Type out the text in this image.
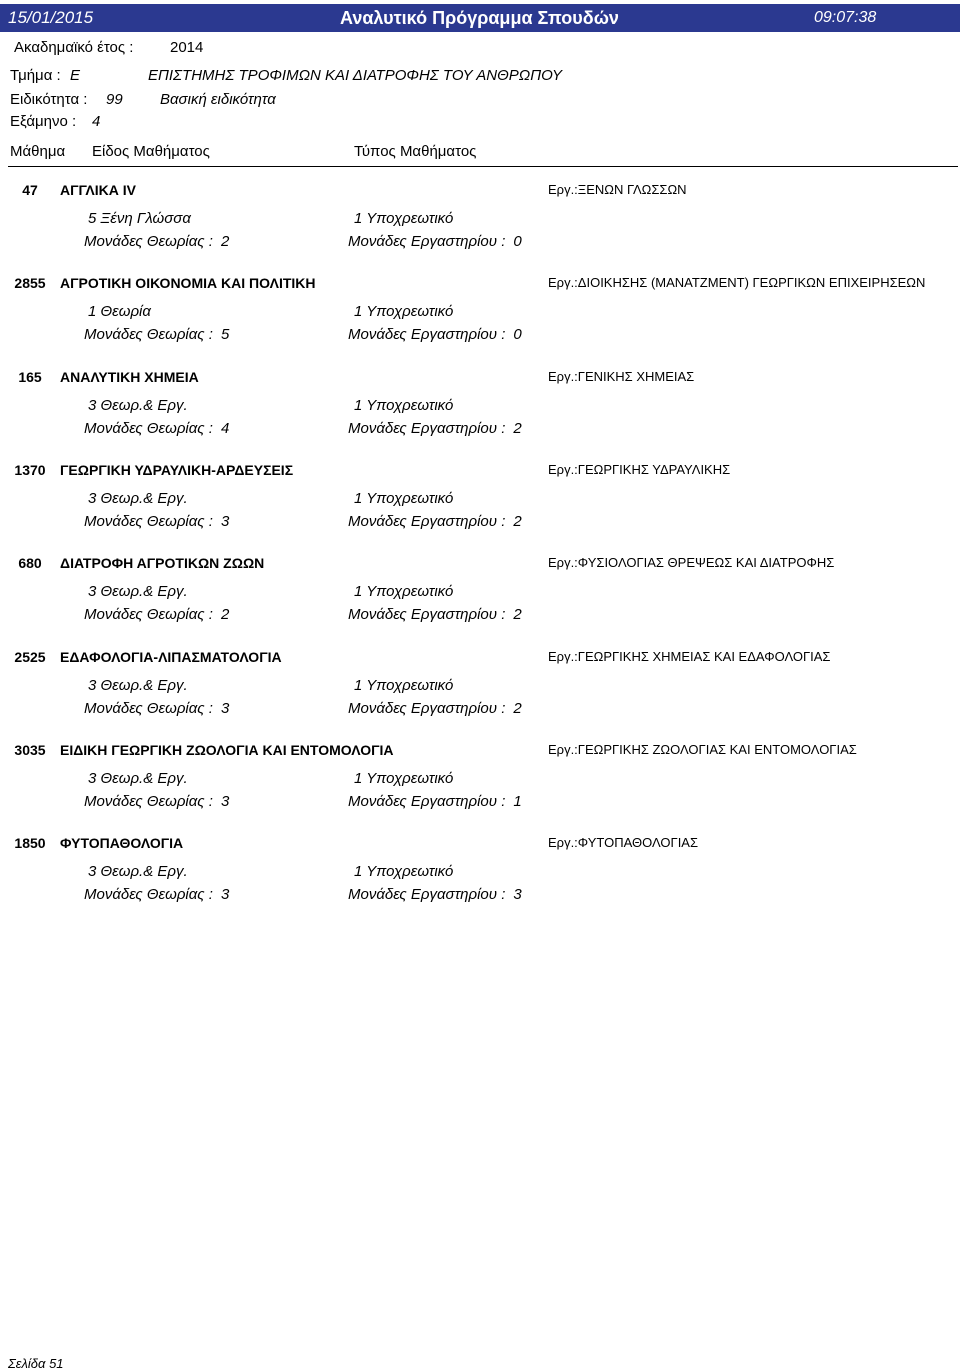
15/01/2015	Αναλυτικό Πρόγραμμα Σπουδών	09:07:38
Ακαδημαϊκό έτος : 2014
Τμήμα : Ε	ΕΠΙΣΤΗΜΗΣ ΤΡΟΦΙΜΩΝ ΚΑΙ ΔΙΑΤΡΟΦΗΣ ΤΟΥ ΑΝΘΡΩΠΟΥ
Ειδικότητα : 99 Βασική ειδικότητα
Εξάμηνο : 4
Μάθημα Είδος Μαθήματος	Τύπος Μαθήματος
47	ΑΓΓΛΙΚΑ IV	Εργ.:ΞΕΝΩΝ ΓΛΩΣΣΩΝ
5 Ξένη Γλώσσα	1 Υποχρεωτικό
Μονάδες Θεωρίας : 2	Μονάδες Εργαστηρίου : 0
2855	ΑΓΡΟΤΙΚΗ ΟΙΚΟΝΟΜΙΑ ΚΑΙ ΠΟΛΙΤΙΚΗ	Εργ.:ΔΙΟΙΚΗΣΗΣ (ΜΑΝΑΤΖΜΕΝΤ) ΓΕΩΡΓΙΚΩΝ ΕΠΙΧΕΙΡΗΣΕΩΝ
1 Θεωρία	1 Υποχρεωτικό
Μονάδες Θεωρίας : 5	Μονάδες Εργαστηρίου : 0
165	ΑΝΑΛΥΤΙΚΗ ΧΗΜΕΙΑ	Εργ.:ΓΕΝΙΚΗΣ ΧΗΜΕΙΑΣ
3 Θεωρ.& Εργ.	1 Υποχρεωτικό
Μονάδες Θεωρίας : 4	Μονάδες Εργαστηρίου : 2
1370	ΓΕΩΡΓΙΚΗ ΥΔΡΑΥΛΙΚΗ-ΑΡΔΕΥΣΕΙΣ	Εργ.:ΓΕΩΡΓΙΚΗΣ ΥΔΡΑΥΛΙΚΗΣ
3 Θεωρ.& Εργ.	1 Υποχρεωτικό
Μονάδες Θεωρίας : 3	Μονάδες Εργαστηρίου : 2
680	ΔΙΑΤΡΟΦΗ ΑΓΡΟΤΙΚΩΝ ΖΩΩΝ	Εργ.:ΦΥΣΙΟΛΟΓΙΑΣ ΘΡΕΨΕΩΣ ΚΑΙ ΔΙΑΤΡΟΦΗΣ
3 Θεωρ.& Εργ.	1 Υποχρεωτικό
Μονάδες Θεωρίας : 2	Μονάδες Εργαστηρίου : 2
2525	ΕΔΑΦΟΛΟΓΙΑ-ΛΙΠΑΣΜΑΤΟΛΟΓΙΑ	Εργ.:ΓΕΩΡΓΙΚΗΣ ΧΗΜΕΙΑΣ ΚΑΙ ΕΔΑΦΟΛΟΓΙΑΣ
3 Θεωρ.& Εργ.	1 Υποχρεωτικό
Μονάδες Θεωρίας : 3	Μονάδες Εργαστηρίου : 2
3035	ΕΙΔΙΚΗ ΓΕΩΡΓΙΚΗ ΖΩΟΛΟΓΙΑ ΚΑΙ ΕΝΤΟΜΟΛΟΓΙΑ	Εργ.:ΓΕΩΡΓΙΚΗΣ ΖΩΟΛΟΓΙΑΣ ΚΑΙ ΕΝΤΟΜΟΛΟΓΙΑΣ
3 Θεωρ.& Εργ.	1 Υποχρεωτικό
Μονάδες Θεωρίας : 3	Μονάδες Εργαστηρίου : 1
1850	ΦΥΤΟΠΑΘΟΛΟΓΙΑ	Εργ.:ΦΥΤΟΠΑΘΟΛΟΓΙΑΣ
3 Θεωρ.& Εργ.	1 Υποχρεωτικό
Μονάδες Θεωρίας : 3	Μονάδες Εργαστηρίου : 3
Σελίδα 51
